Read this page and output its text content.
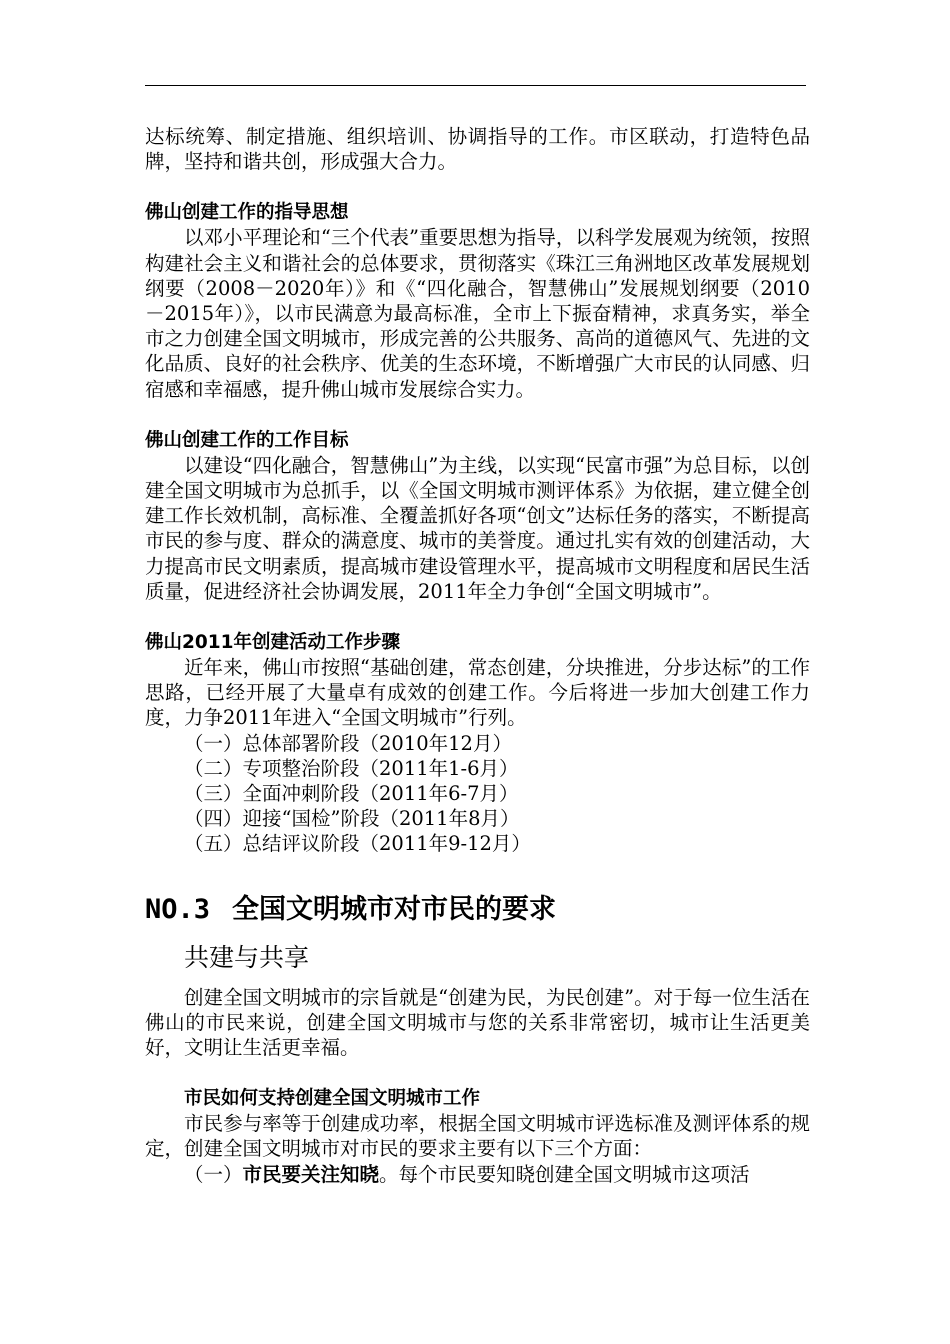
达标统筹、制定措施、组织培训、协调指导的工作。市区联动，打造特色品牌，坚持和谐共创，形成强大合力。

佛山创建工作的指导思想

以邓小平理论和“三个代表”重要思想为指导，以科学发展观为统领，按照构建社会主义和谐社会的总体要求，贯彻落实《珠江三角洲地区改革发展规划纲要（2008－2020年）》和《“四化融合，智慧佛山”发展规划纲要（2010－2015年）》，以市民满意为最高标准，全市上下振奋精神，求真务实，举全市之力创建全国文明城市，形成完善的公共服务、高尚的道德风气、先进的文化品质、良好的社会秩序、优美的生态环境，不断增强广大市民的认同感、归宿感和幸福感，提升佛山城市发展综合实力。

佛山创建工作的工作目标

以建设“四化融合，智慧佛山”为主线，以实现“民富市强”为总目标，以创建全国文明城市为总抓手，以《全国文明城市测评体系》为依据，建立健全创建工作长效机制，高标准、全覆盖抓好各项“创文”达标任务的落实，不断提高市民的参与度、群众的满意度、城市的美誉度。通过扎实有效的创建活动，大力提高市民文明素质，提高城市建设管理水平，提高城市文明程度和居民生活质量，促进经济社会协调发展，2011年全力争创“全国文明城市”。

佛山2011年创建活动工作步骤

近年来，佛山市按照“基础创建，常态创建，分块推进，分步达标”的工作思路，已经开展了大量卓有成效的创建工作。今后将进一步加大创建工作力度，力争2011年进入“全国文明城市”行列。

（一）总体部署阶段（2010年12月）
（二）专项整治阶段（2011年1-6月）
（三）全面冲刺阶段（2011年6-7月）
（四）迎接“国检”阶段（2011年8月）
（五）总结评议阶段（2011年9-12月）

NO.3 全国文明城市对市民的要求

共建与共享

创建全国文明城市的宗旨就是“创建为民，为民创建”。对于每一位生活在佛山的市民来说，创建全国文明城市与您的关系非常密切，城市让生活更美好，文明让生活更幸福。

市民如何支持创建全国文明城市工作

市民参与率等于创建成功率，根据全国文明城市评选标准及测评体系的规定，创建全国文明城市对市民的要求主要有以下三个方面：

（一）市民要关注知晓。每个市民要知晓创建全国文明城市这项活
